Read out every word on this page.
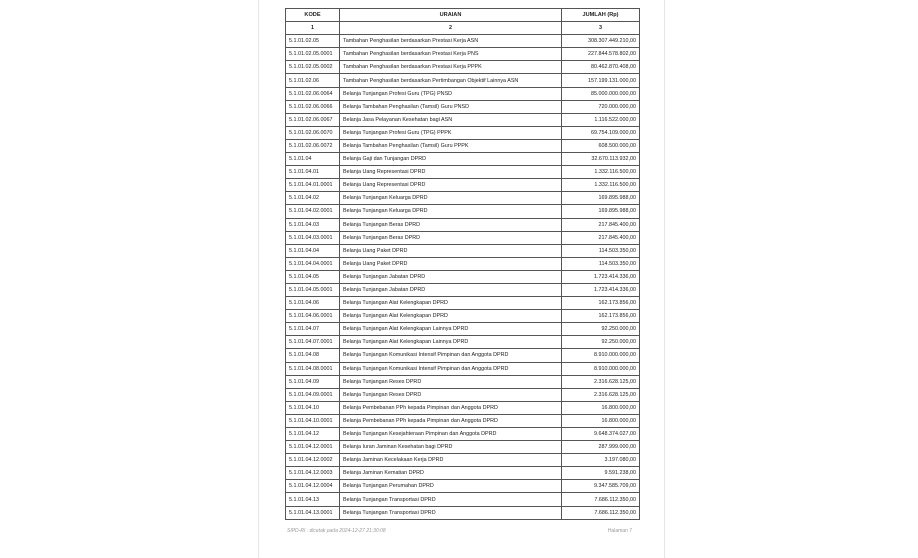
KODE	URAIAN	JUMLAH (Rp)
1	2	3
5.1.01.02.05	Tambahan Penghasilan berdasarkan Prestasi Kerja ASN	308.307.449.210,00
5.1.01.02.05.0001	Tambahan Penghasilan berdasarkan Prestasi Kerja PNS	227.844.578.802,00
5.1.01.02.05.0002	Tambahan Penghasilan berdasarkan Prestasi Kerja PPPK	80.462.870.408,00
5.1.01.02.06	Tambahan Penghasilan berdasarkan Pertimbangan Objektif Lainnya ASN	157.199.131.000,00
5.1.01.02.06.0064	Belanja Tunjangan Profesi Guru (TPG) PNSD	85.000.000.000,00
5.1.01.02.06.0066	Belanja Tambahan Penghasilan (Tamsil) Guru PNSD	720.000.000,00
5.1.01.02.06.0067	Belanja Jasa Pelayanan Kesehatan bagi ASN	1.116.522.000,00
5.1.01.02.06.0070	Belanja Tunjangan Profesi Guru (TPG) PPPK	69.754.109.000,00
5.1.01.02.06.0072	Belanja Tambahan Penghasilan (Tamsil) Guru PPPK	608.500.000,00
5.1.01.04	Belanja Gaji dan Tunjangan DPRD	32.670.113.932,00
5.1.01.04.01	Belanja Uang Representasi DPRD	1.332.116.500,00
5.1.01.04.01.0001	Belanja Uang Representasi DPRD	1.332.116.500,00
5.1.01.04.02	Belanja Tunjangan Keluarga DPRD	169.895.988,00
5.1.01.04.02.0001	Belanja Tunjangan Keluarga DPRD	169.895.988,00
5.1.01.04.03	Belanja Tunjangan Beras DPRD	217.845.400,00
5.1.01.04.03.0001	Belanja Tunjangan Beras DPRD	217.845.400,00
5.1.01.04.04	Belanja Uang Paket DPRD	114.503.350,00
5.1.01.04.04.0001	Belanja Uang Paket DPRD	114.503.350,00
5.1.01.04.05	Belanja Tunjangan Jabatan DPRD	1.723.414.336,00
5.1.01.04.05.0001	Belanja Tunjangan Jabatan DPRD	1.723.414.336,00
5.1.01.04.06	Belanja Tunjangan Alat Kelengkapan DPRD	162.173.856,00
5.1.01.04.06.0001	Belanja Tunjangan Alat Kelengkapan DPRD	162.173.856,00
5.1.01.04.07	Belanja Tunjangan Alat Kelengkapan Lainnya DPRD	92.250.000,00
5.1.01.04.07.0001	Belanja Tunjangan Alat Kelengkapan Lainnya DPRD	92.250.000,00
5.1.01.04.08	Belanja Tunjangan Komunikasi Intensif Pimpinan dan Anggota DPRD	8.910.000.000,00
5.1.01.04.08.0001	Belanja Tunjangan Komunikasi Intensif Pimpinan dan Anggota DPRD	8.910.000.000,00
5.1.01.04.09	Belanja Tunjangan Reses DPRD	2.316.628.125,00
5.1.01.04.09.0001	Belanja Tunjangan Reses DPRD	2.316.628.125,00
5.1.01.04.10	Belanja Pembebanan PPh kepada Pimpinan dan Anggota DPRD	16.800.000,00
5.1.01.04.10.0001	Belanja Pembebanan PPh kepada Pimpinan dan Anggota DPRD	16.800.000,00
5.1.01.04.12	Belanja Tunjangan Kesejahteraan Pimpinan dan Anggota DPRD	9.648.374.027,00
5.1.01.04.12.0001	Belanja Iuran Jaminan Kesehatan bagi DPRD	287.999.000,00
5.1.01.04.12.0002	Belanja Jaminan Kecelakaan Kerja DPRD	3.197.080,00
5.1.01.04.12.0003	Belanja Jaminan Kematian DPRD	9.591.238,00
5.1.01.04.12.0004	Belanja Tunjangan Perumahan DPRD	9.347.585.709,00
5.1.01.04.13	Belanja Tunjangan Transportasi DPRD	7.686.112.350,00
5.1.01.04.13.0001	Belanja Tunjangan Transportasi DPRD	7.686.112.350,00
SIPD-RI : dicetak pada 2024-12-27 21:30:08	Halaman 7
